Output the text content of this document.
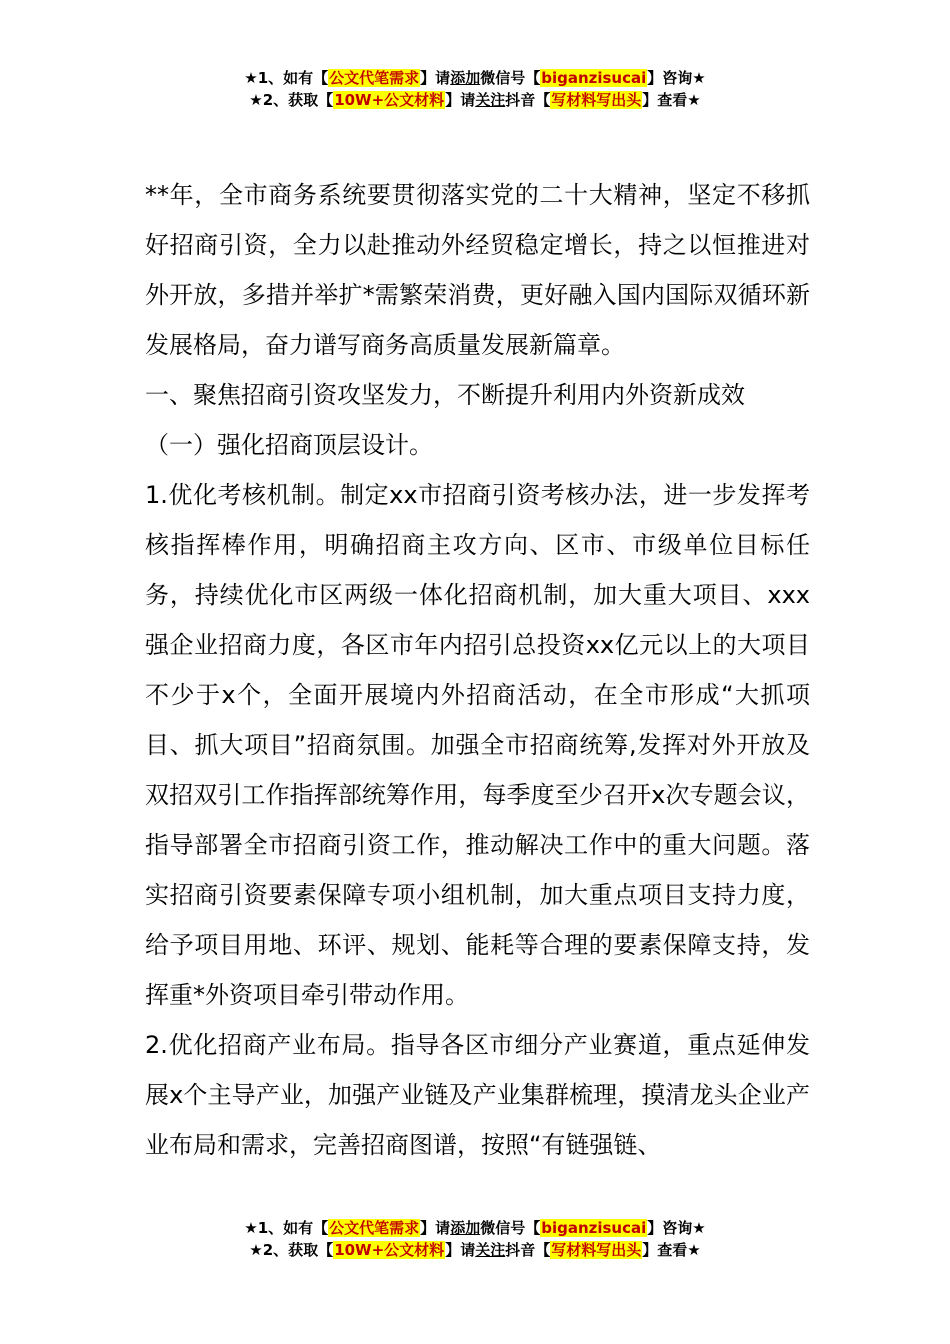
★1、如有【公文代笔需求】请添加微信号【biganzisucai】咨询★
★2、获取【10W+公文材料】请关注抖音【写材料写出头】查看★

**年，全市商务系统要贯彻落实党的二十大精神，坚定不移抓好招商引资，全力以赴推动外经贸稳定增长，持之以恒推进对外开放，多措并举扩*需繁荣消费，更好融入国内国际双循环新发展格局，奋力谱写商务高质量发展新篇章。

一、聚焦招商引资攻坚发力，不断提升利用内外资新成效

（一）强化招商顶层设计。

1.优化考核机制。制定xx市招商引资考核办法，进一步发挥考核指挥棒作用，明确招商主攻方向、区市、市级单位目标任务，持续优化市区两级一体化招商机制，加大重大项目、xxx强企业招商力度，各区市年内招引总投资xx亿元以上的大项目不少于x个，全面开展境内外招商活动，在全市形成“大抓项目、抓大项目”招商氛围。加强全市招商统筹,发挥对外开放及双招双引工作指挥部统筹作用，每季度至少召开x次专题会议，指导部署全市招商引资工作，推动解决工作中的重大问题。落实招商引资要素保障专项小组机制，加大重点项目支持力度，给予项目用地、环评、规划、能耗等合理的要素保障支持，发挥重*外资项目牵引带动作用。

2.优化招商产业布局。指导各区市细分产业赛道，重点延伸发展x个主导产业，加强产业链及产业集群梳理，摸清龙头企业产业布局和需求，完善招商图谱，按照“有链强链、

★1、如有【公文代笔需求】请添加微信号【biganzisucai】咨询★
★2、获取【10W+公文材料】请关注抖音【写材料写出头】查看★
